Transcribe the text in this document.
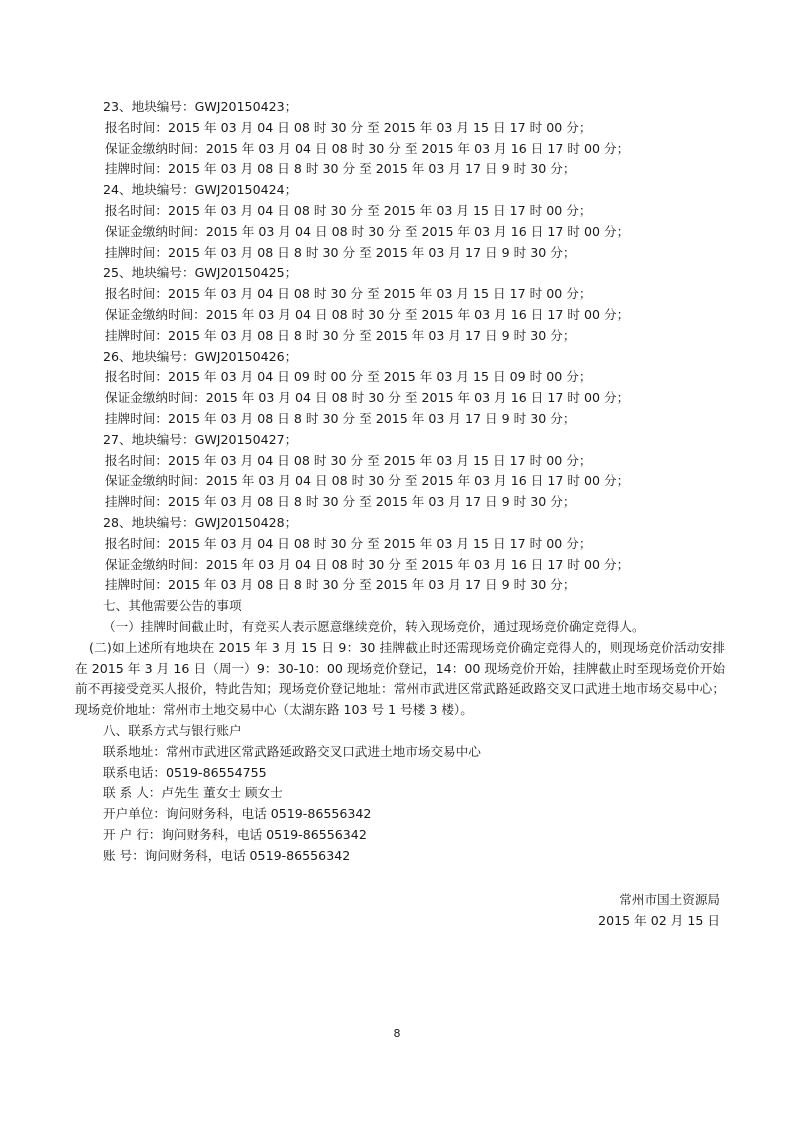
23、地块编号：GWJ20150423；
报名时间：2015 年 03 月 04 日 08 时 30 分 至 2015 年 03 月 15 日 17 时 00 分；
保证金缴纳时间：2015 年 03 月 04 日 08 时 30 分 至 2015 年 03 月 16 日 17 时 00 分；
挂牌时间：2015 年 03 月 08 日 8 时 30 分 至 2015 年 03 月 17 日 9 时 30 分；
24、地块编号：GWJ20150424；
报名时间：2015 年 03 月 04 日 08 时 30 分 至 2015 年 03 月 15 日 17 时 00 分；
保证金缴纳时间：2015 年 03 月 04 日 08 时 30 分 至 2015 年 03 月 16 日 17 时 00 分；
挂牌时间：2015 年 03 月 08 日 8 时 30 分 至 2015 年 03 月 17 日 9 时 30 分；
25、地块编号：GWJ20150425；
报名时间：2015 年 03 月 04 日 08 时 30 分 至 2015 年 03 月 15 日 17 时 00 分；
保证金缴纳时间：2015 年 03 月 04 日 08 时 30 分 至 2015 年 03 月 16 日 17 时 00 分；
挂牌时间：2015 年 03 月 08 日 8 时 30 分 至 2015 年 03 月 17 日 9 时 30 分；
26、地块编号：GWJ20150426；
报名时间：2015 年 03 月 04 日 09 时 00 分 至 2015 年 03 月 15 日 09 时 00 分；
保证金缴纳时间：2015 年 03 月 04 日 08 时 30 分 至 2015 年 03 月 16 日 17 时 00 分；
挂牌时间：2015 年 03 月 08 日 8 时 30 分 至 2015 年 03 月 17 日 9 时 30 分；
27、地块编号：GWJ20150427；
报名时间：2015 年 03 月 04 日 08 时 30 分 至 2015 年 03 月 15 日 17 时 00 分；
保证金缴纳时间：2015 年 03 月 04 日 08 时 30 分 至 2015 年 03 月 16 日 17 时 00 分；
挂牌时间：2015 年 03 月 08 日 8 时 30 分 至 2015 年 03 月 17 日 9 时 30 分；
28、地块编号：GWJ20150428；
报名时间：2015 年 03 月 04 日 08 时 30 分 至 2015 年 03 月 15 日 17 时 00 分；
保证金缴纳时间：2015 年 03 月 04 日 08 时 30 分 至 2015 年 03 月 16 日 17 时 00 分；
挂牌时间：2015 年 03 月 08 日 8 时 30 分 至 2015 年 03 月 17 日 9 时 30 分；
七、其他需要公告的事项
（一）挂牌时间截止时，有竞买人表示愿意继续竞价，转入现场竞价，通过现场竞价确定竞得人。
(二)如上述所有地块在 2015 年 3 月 15 日 9：30 挂牌截止时还需现场竞价确定竞得人的，则现场竞价活动安排在 2015 年 3 月 16 日（周一）9：30-10：00 现场竞价登记，14：00 现场竞价开始，挂牌截止时至现场竞价开始前不再接受竞买人报价，特此告知；现场竞价登记地址：常州市武进区常武路延政路交叉口武进土地市场交易中心；现场竞价地址：常州市土地交易中心（太湖东路 103 号 1 号楼 3 楼）。
八、联系方式与银行账户
联系地址：常州市武进区常武路延政路交叉口武进土地市场交易中心
联系电话：0519-86554755
联 系 人：卢先生 董女士 顾女士
开户单位：询问财务科，电话 0519-86556342
开 户 行：询问财务科，电话 0519-86556342
账 号：询问财务科，电话 0519-86556342
常州市国土资源局
2015 年 02 月 15 日
8
